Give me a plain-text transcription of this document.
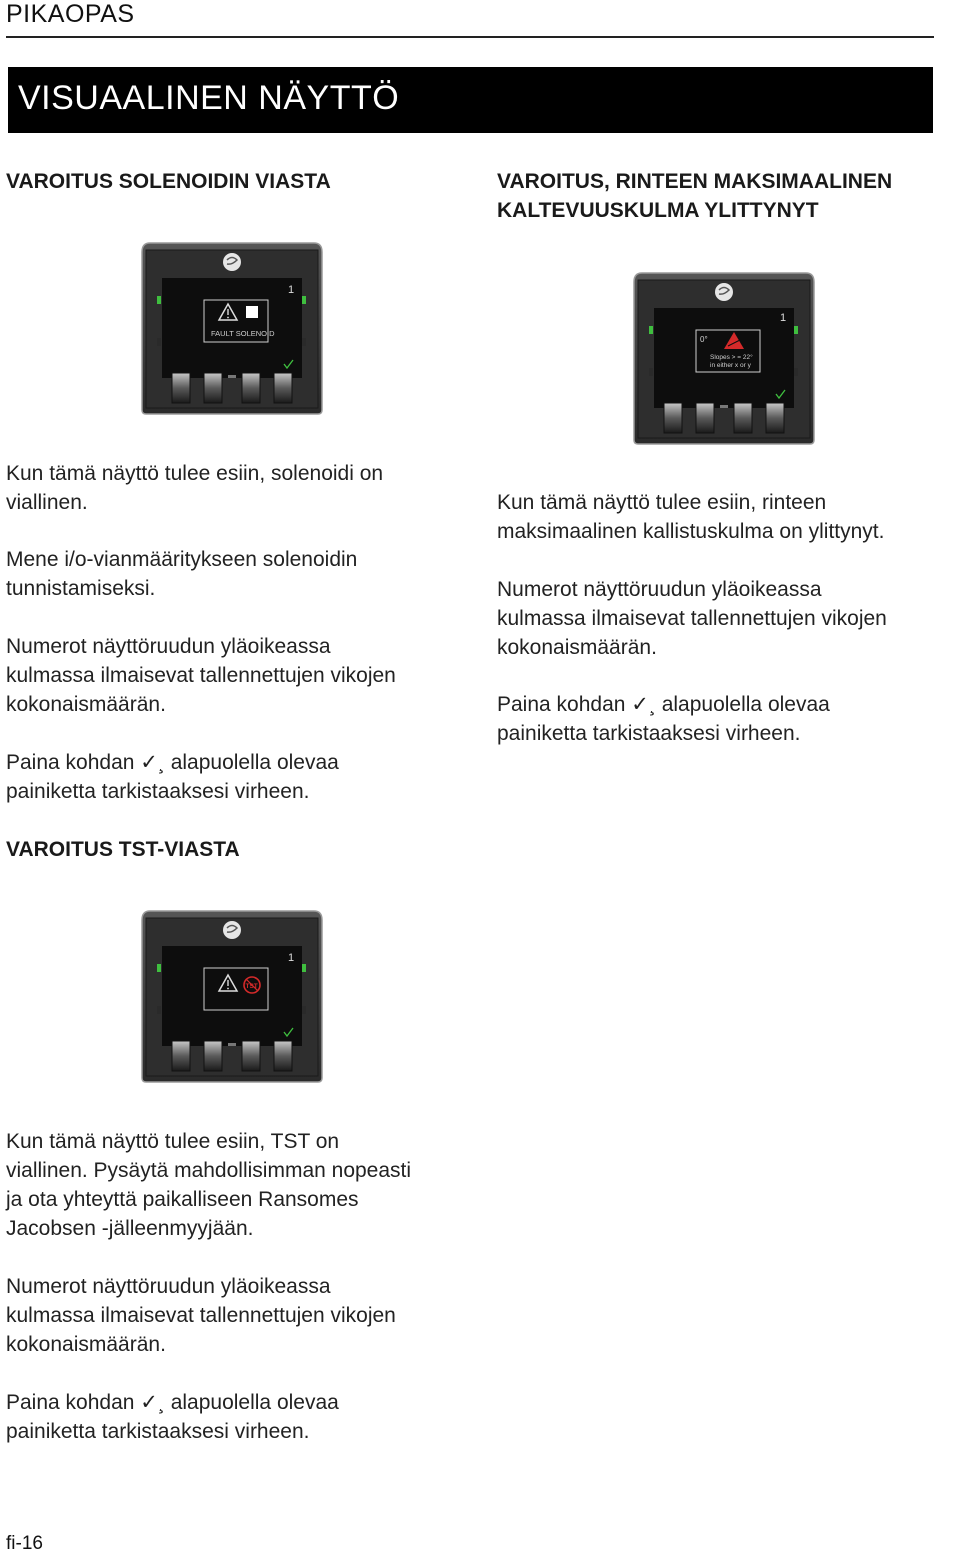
PIKAOPAS
VISUAALINEN NÄYTTÖ
VAROITUS SOLENOIDIN VIASTA
1
FAULT SOLENOID
Kun tämä näyttö tulee esiin, solenoidi on
viallinen.
Mene i/o-vianmääritykseen solenoidin
tunnistamiseksi.
Numerot näyttöruudun yläoikeassa
kulmassa ilmaisevat tallennettujen vikojen
kokonaismäärän.
Paina kohdan ✓¸ alapuolella olevaa
painiketta tarkistaaksesi virheen.
VAROITUS, RINTEEN MAKSIMAALINEN
KALTEVUUSKULMA YLITTYNYT
1
0°
Slopes > = 22°
in either x or y
Kun tämä näyttö tulee esiin, rinteen
maksimaalinen kallistuskulma on ylittynyt.
Numerot näyttöruudun yläoikeassa
kulmassa ilmaisevat tallennettujen vikojen
kokonaismäärän.
Paina kohdan ✓¸ alapuolella olevaa
painiketta tarkistaaksesi virheen.
VAROITUS TST-VIASTA
1
TST
Kun tämä näyttö tulee esiin, TST on
viallinen. Pysäytä mahdollisimman nopeasti
ja ota yhteyttä paikalliseen Ransomes
Jacobsen -jälleenmyyjään.
Numerot näyttöruudun yläoikeassa
kulmassa ilmaisevat tallennettujen vikojen
kokonaismäärän.
Paina kohdan ✓¸ alapuolella olevaa
painiketta tarkistaaksesi virheen.
fi-16
